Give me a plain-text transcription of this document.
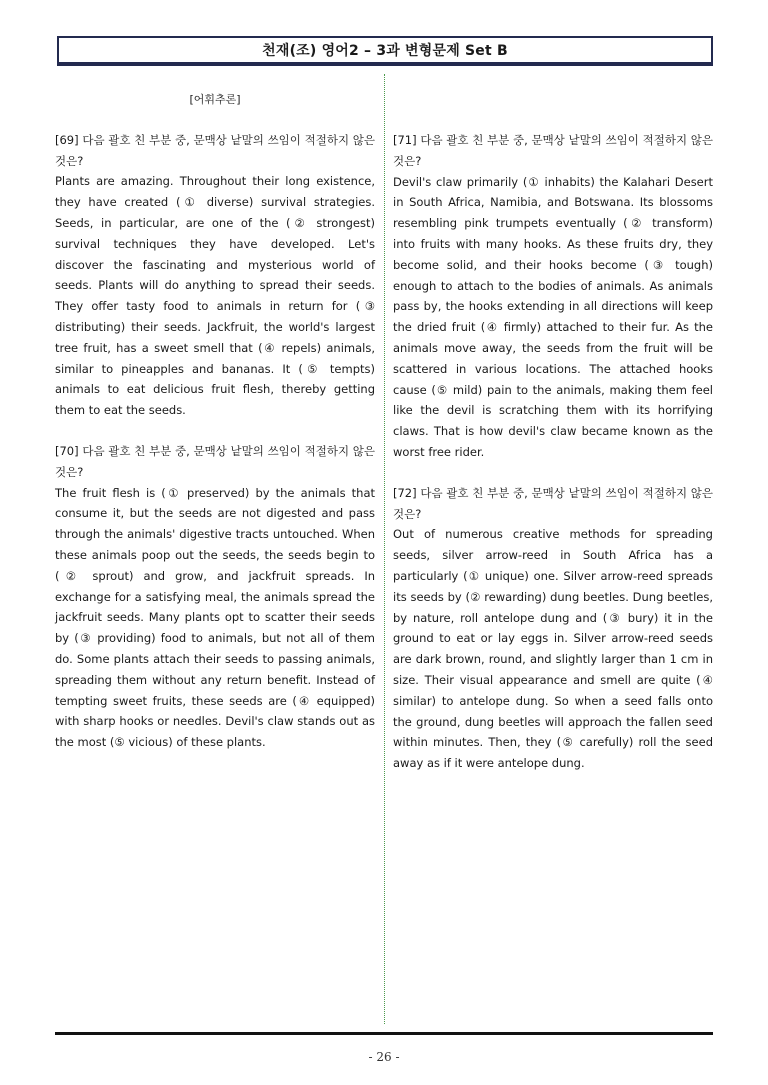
천재(조) 영어2 – 3과 변형문제 Set B
[어휘추론]

[69] 다음 괄호 친 부분 중, 문맥상 낱말의 쓰임이 적절하지 않은 것은?

Plants are amazing. Throughout their long existence, they have created (① diverse) survival strategies. Seeds, in particular, are one of the (② strongest) survival techniques they have developed. Let's discover the fascinating and mysterious world of seeds. Plants will do anything to spread their seeds. They offer tasty food to animals in return for (③ distributing) their seeds. Jackfruit, the world's largest tree fruit, has a sweet smell that (④ repels) animals, similar to pineapples and bananas. It (⑤ tempts) animals to eat delicious fruit flesh, thereby getting them to eat the seeds.

[70] 다음 괄호 친 부분 중, 문맥상 낱말의 쓰임이 적절하지 않은 것은?

The fruit flesh is (① preserved) by the animals that consume it, but the seeds are not digested and pass through the animals' digestive tracts untouched. When these animals poop out the seeds, the seeds begin to (② sprout) and grow, and jackfruit spreads. In exchange for a satisfying meal, the animals spread the jackfruit seeds. Many plants opt to scatter their seeds by (③ providing) food to animals, but not all of them do. Some plants attach their seeds to passing animals, spreading them without any return benefit. Instead of tempting sweet fruits, these seeds are (④ equipped) with sharp hooks or needles. Devil's claw stands out as the most (⑤ vicious) of these plants.

[71] 다음 괄호 친 부분 중, 문맥상 낱말의 쓰임이 적절하지 않은 것은?

Devil's claw primarily (① inhabits) the Kalahari Desert in South Africa, Namibia, and Botswana. Its blossoms resembling pink trumpets eventually (② transform) into fruits with many hooks. As these fruits dry, they become solid, and their hooks become (③ tough) enough to attach to the bodies of animals. As animals pass by, the hooks extending in all directions will keep the dried fruit (④ firmly) attached to their fur. As the animals move away, the seeds from the fruit will be scattered in various locations. The attached hooks cause (⑤ mild) pain to the animals, making them feel like the devil is scratching them with its horrifying claws. That is how devil's claw became known as the worst free rider.

[72] 다음 괄호 친 부분 중, 문맥상 낱말의 쓰임이 적절하지 않은 것은?

Out of numerous creative methods for spreading seeds, silver arrow-reed in South Africa has a particularly (① unique) one. Silver arrow-reed spreads its seeds by (② rewarding) dung beetles. Dung beetles, by nature, roll antelope dung and (③ bury) it in the ground to eat or lay eggs in. Silver arrow-reed seeds are dark brown, round, and slightly larger than 1 cm in size. Their visual appearance and smell are quite (④ similar) to antelope dung. So when a seed falls onto the ground, dung beetles will approach the fallen seed within minutes. Then, they (⑤ carefully) roll the seed away as if it were antelope dung.

- 26 -
